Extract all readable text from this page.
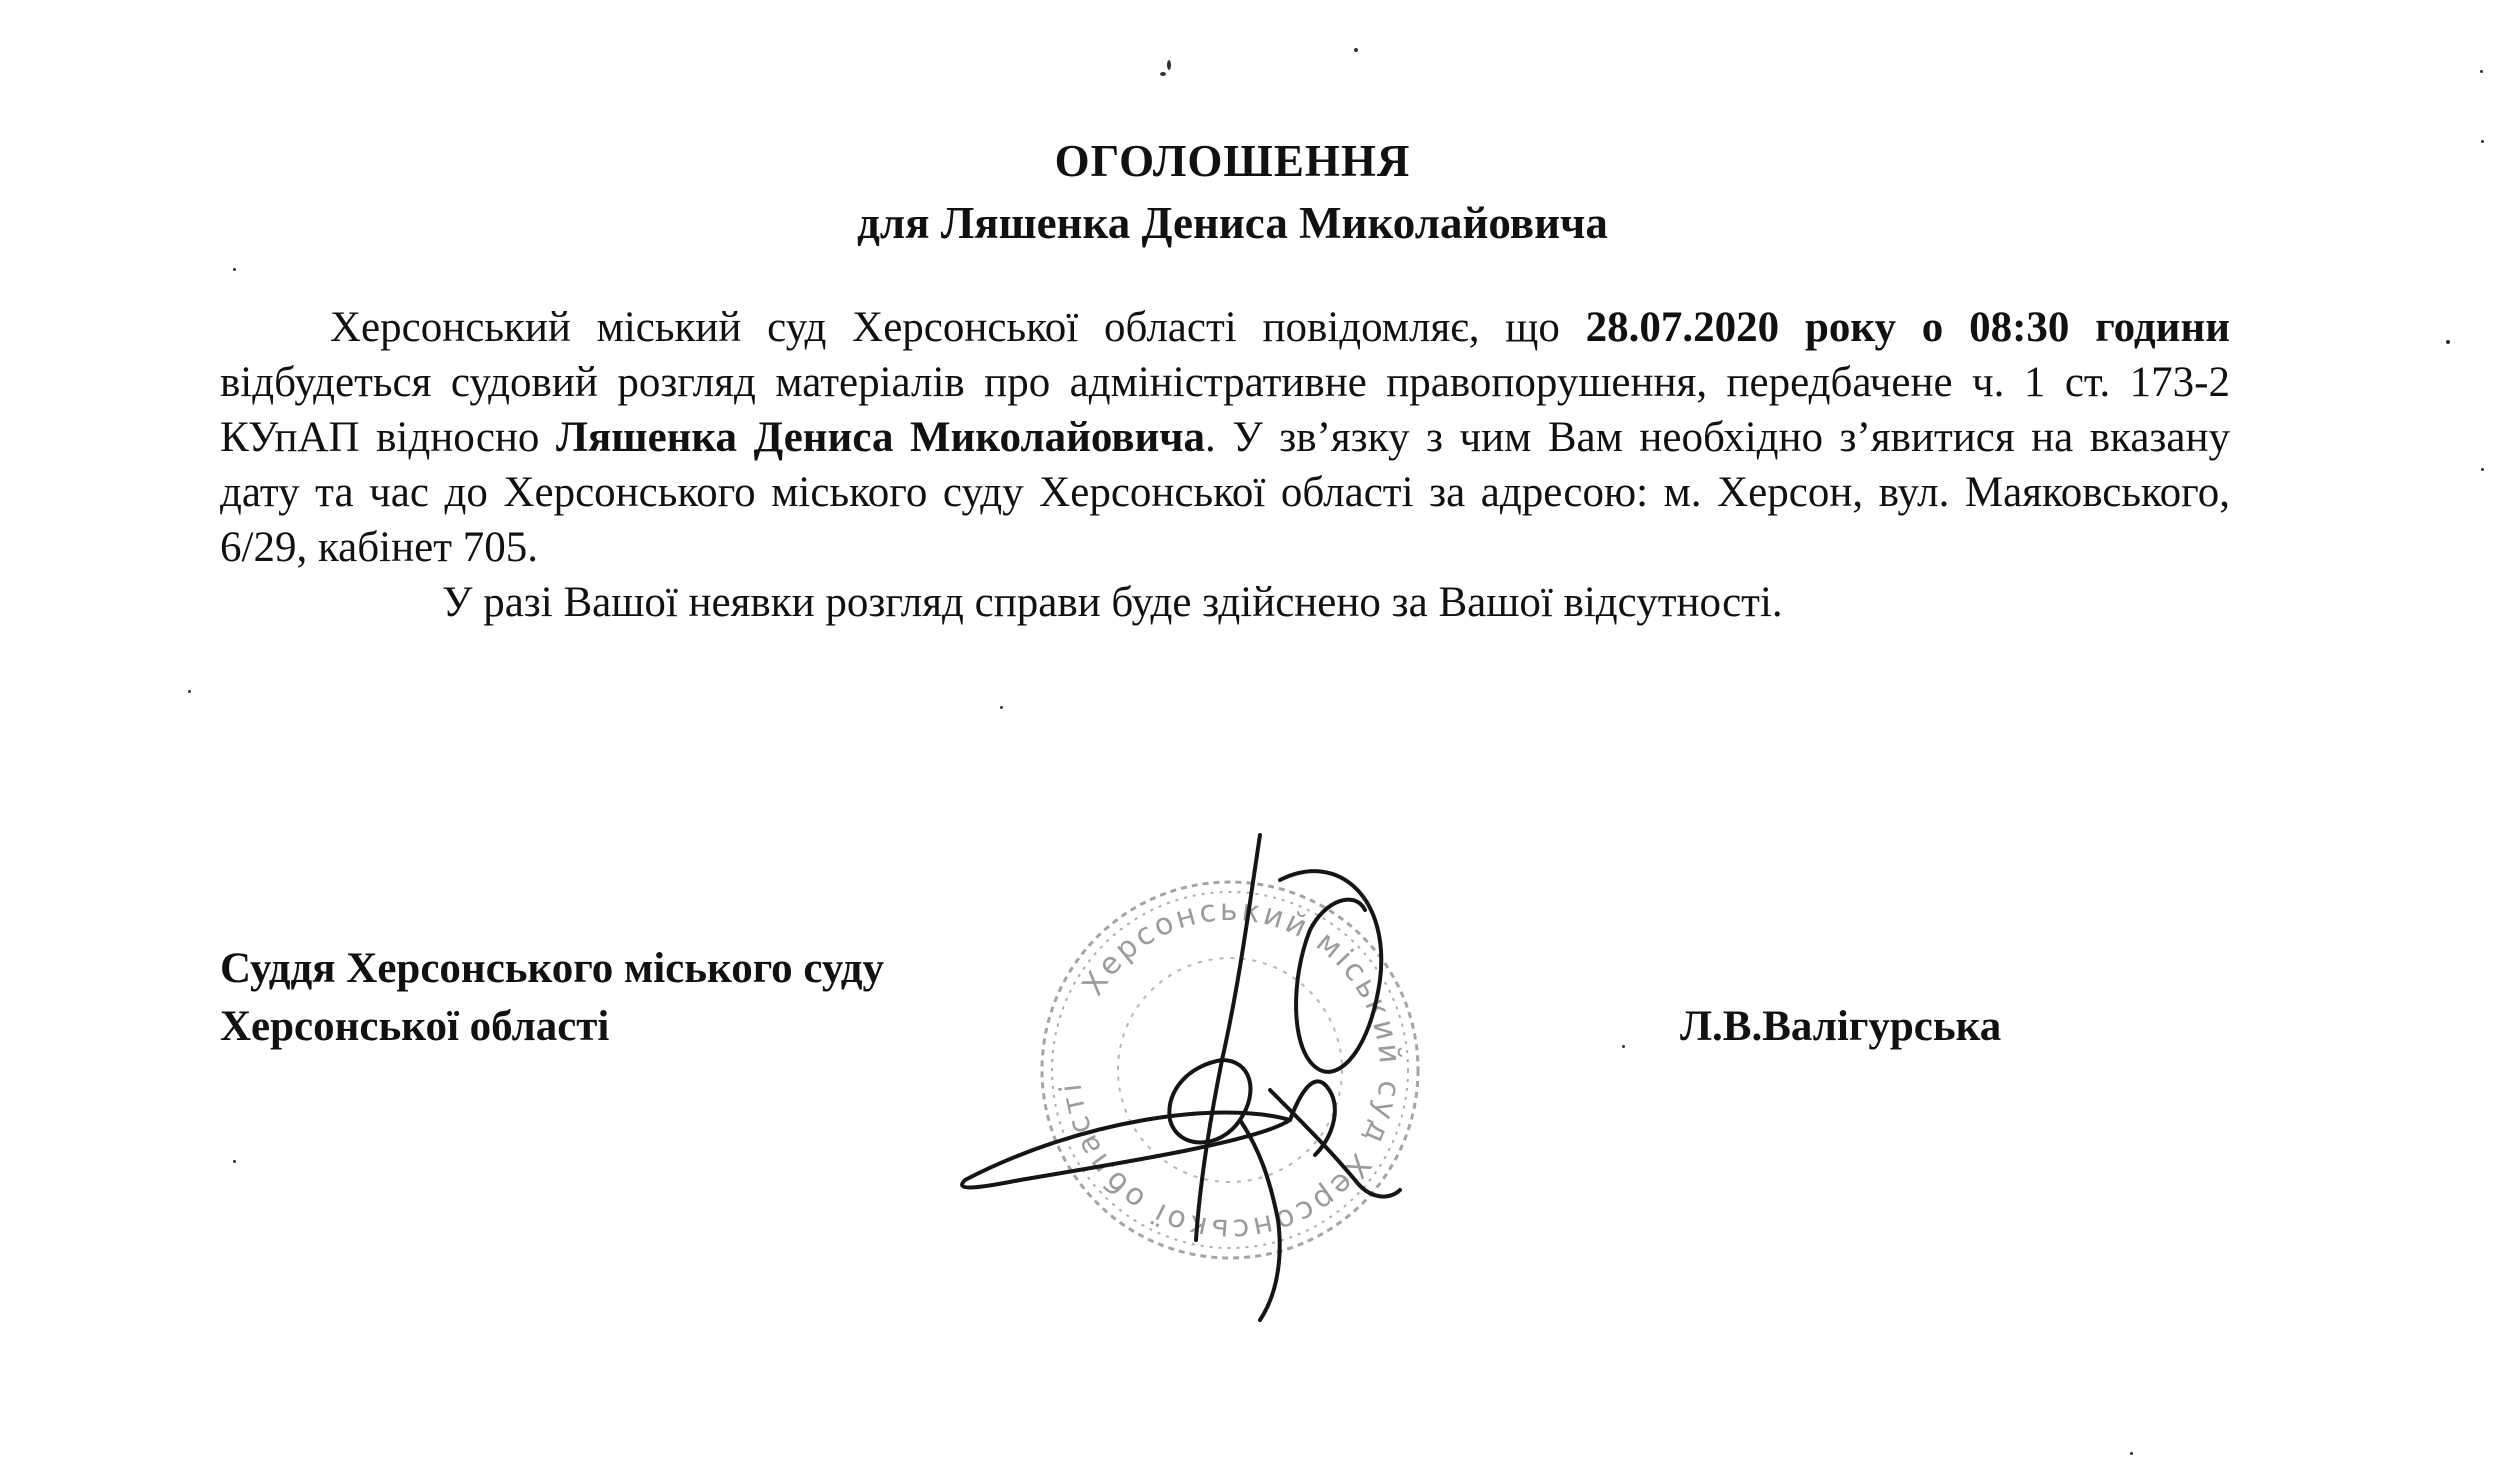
ОГОЛОШЕННЯ
для Ляшенка Дениса Миколайовича

Херсонський міський суд Херсонської області повідомляє, що 28.07.2020 року о 08:30 години відбудеться судовий розгляд матеріалів про адміністративне правопорушення, передбачене ч. 1 ст. 173-2 КУпАП відносно Ляшенка Дениса Миколайовича. У зв’язку з чим Вам необхідно з’явитися на вказану дату та час до Херсонського міського суду Херсонської області за адресою: м. Херсон, вул. Маяковського, 6/29, кабінет 705.

У разі Вашої неявки розгляд справи буде здійснено за Вашої відсутності.

Суддя Херсонського міського суду
Херсонської області	Л.В.Валігурська
Херсонський міський суд Херсонської області
